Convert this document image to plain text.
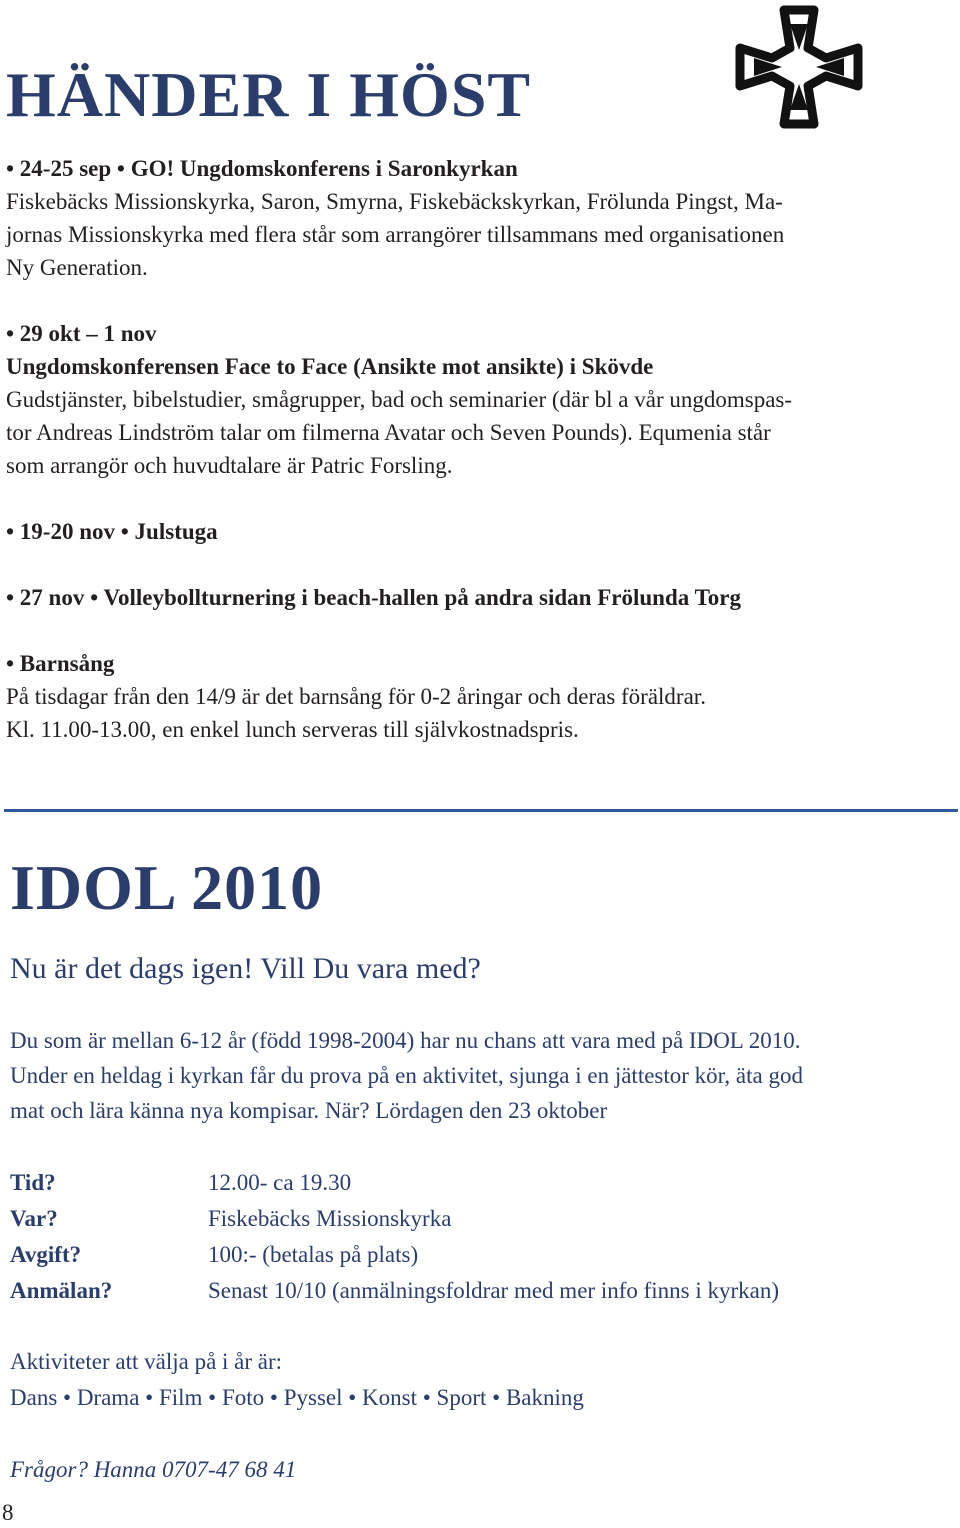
HÄNDER I HÖST
• 24-25 sep • GO! Ungdomskonferens i Saronkyrkan
Fiskebäcks Missionskyrka, Saron, Smyrna, Fiskebäckskyrkan, Frölunda Pingst, Ma-
jornas Missionskyrka med flera står som arrangörer tillsammans med organisationen
Ny Generation.
• 29 okt – 1 nov
Ungdomskonferensen Face to Face (Ansikte mot ansikte) i Skövde
Gudstjänster, bibelstudier, smågrupper, bad och seminarier (där bl a vår ungdomspas-
tor Andreas Lindström talar om filmerna Avatar och Seven Pounds). Equmenia står
som arrangör och huvudtalare är Patric Forsling.
• 19-20 nov • Julstuga
• 27 nov • Volleybollturnering i beach-hallen på andra sidan Frölunda Torg
• Barnsång
På tisdagar från den 14/9 är det barnsång för 0-2 åringar och deras föräldrar.
Kl. 11.00-13.00, en enkel lunch serveras till självkostnadspris.
IDOL 2010
Nu är det dags igen! Vill Du vara med?
Du som är mellan 6-12 år (född 1998-2004) har nu chans att vara med på IDOL 2010.
Under en heldag i kyrkan får du prova på en aktivitet, sjunga i en jättestor kör, äta god
mat och lära känna nya kompisar. När? Lördagen den 23 oktober
Tid?	12.00- ca 19.30
Var?	Fiskebäcks Missionskyrka
Avgift?	100:- (betalas på plats)
Anmälan?	Senast 10/10 (anmälningsfoldrar med mer info finns i kyrkan)
Aktiviteter att välja på i år är:
Dans • Drama • Film • Foto • Pyssel • Konst • Sport • Bakning
Frågor? Hanna 0707-47 68 41
8
